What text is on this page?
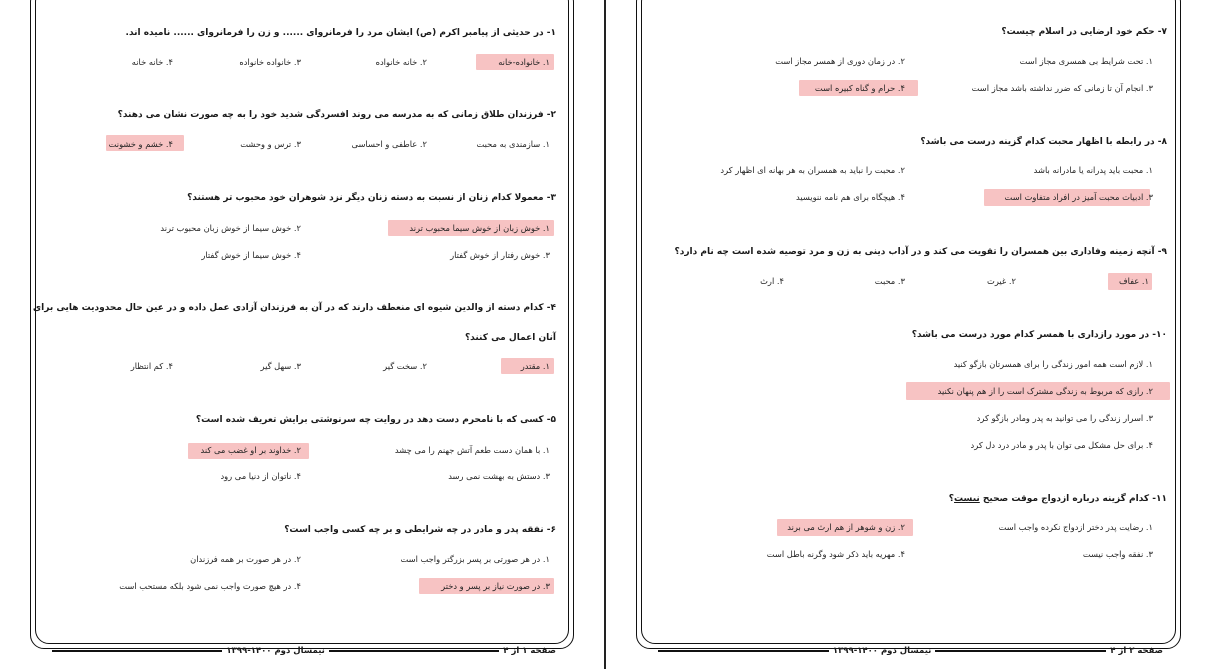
۱- در حدیثی از پیامبر اکرم (ص) ایشان مرد را فرمانروای ...... و زن را فرمانروای ...... نامیده اند.
۱. خانواده-خانه
۲. خانه خانواده
۳. خانواده خانواده
۴. خانه خانه
۲- فرزندان طلاق زمانی که به مدرسه می روند افسردگی شدید خود را به چه صورت نشان می دهند؟
۱. سازمندی به محبت
۲. عاطفی و احساسی
۳. ترس و وحشت
۴. خشم و خشونت
۳- معمولا کدام زنان از نسبت به دسته زنان دیگر نزد شوهران خود محبوب تر هستند؟
۱. خوش زبان از خوش سیما محبوب ترند
۲. خوش سیما از خوش زبان محبوب ترند
۳. خوش رفتار از خوش گفتار
۴. خوش سیما از خوش گفتار
۴- کدام دسته از والدین شیوه ای منعطف دارند که در آن به فرزندان آزادی عمل داده و در عین حال محدودیت هایی برای
آنان اعمال می کنند؟
۱. مقتدر
۲. سخت گیر
۳. سهل گیر
۴. کم انتظار
۵- کسی که با نامحرم دست دهد در روایت چه سرنوشتی برایش تعریف شده است؟
۱. با همان دست طعم آتش جهنم را می چشد
۲. خداوند بر او غضب می کند
۳. دستش به بهشت نمی رسد
۴. ناتوان از دنیا می رود
۶- نفقه پدر و مادر در چه شرایطی و بر چه کسی واجب است؟
۱. در هر صورتی بر پسر بزرگتر واجب است
۲. در هر صورت بر همه فرزندان
۳. در صورت نیاز بر پسر و دختر
۴. در هیچ صورت واجب نمی شود بلکه مستحب است
صفحه ۱ از ۴
نیمسال دوم ۱۴۰۰-۱۳۹۹
۷- حکم خود ارضایی در اسلام چیست؟
۱. تحت شرایط بی همسری مجاز است
۲. در زمان دوری از همسر مجاز است
۳. انجام آن تا زمانی که ضرر نداشته باشد مجاز است
۴. حرام و گناه کبیره است
۸- در رابطه با اظهار محبت کدام گزینه درست می باشد؟
۱. محبت باید پدرانه یا مادرانه باشد
۲. محبت را نباید به همسران به هر بهانه ای اظهار کرد
۳. ادبیات محبت آمیز در افراد متفاوت است
۴. هیچگاه برای هم نامه ننویسید
۹- آنچه زمینه وفاداری بین همسران را تقویت می کند و در آداب دینی به زن و مرد توصیه شده است چه نام دارد؟
۱. عفاف
۲. غیرت
۳. محبت
۴. ارث
۱۰- در مورد رازداری با همسر کدام مورد درست می باشد؟
۱. لازم است همه امور زندگی را برای همسرتان بازگو کنید
۲. رازی که مربوط به زندگی مشترک است را از هم پنهان نکنید
۳. اسرار زندگی را می توانید به پدر ومادر بازگو کرد
۴. برای حل مشکل می توان با پدر و مادر درد دل کرد
۱۱- کدام گزینه درباره ازدواج موقت صحیح نیست؟
۱. رضایت پدر دختر ازدواج نکرده واجب است
۲. زن و شوهر از هم ارث می برند
۳. نفقه واجب نیست
۴. مهریه باید ذکر شود وگرنه باطل است
صفحه ۲ از ۴
نیمسال دوم ۱۴۰۰-۱۳۹۹
